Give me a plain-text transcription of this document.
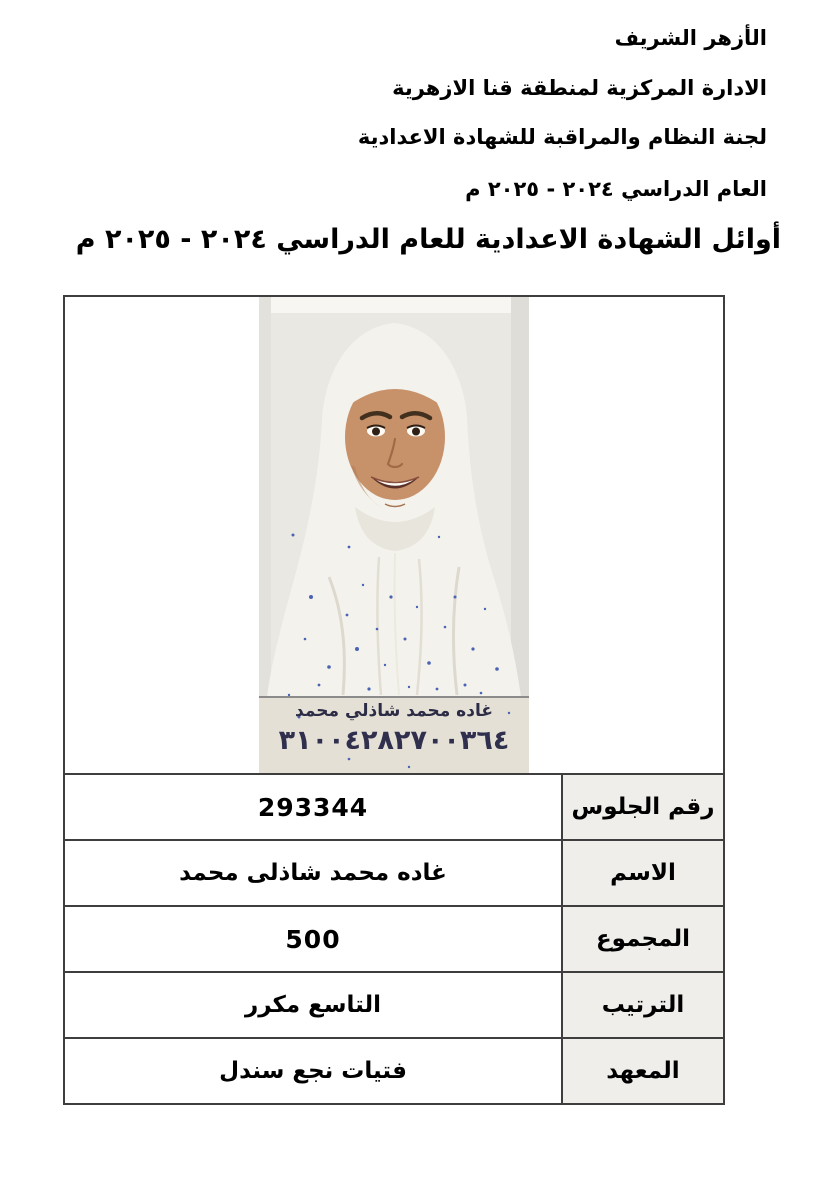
الأزهر الشريف
الادارة المركزية لمنطقة قنا الازهرية
لجنة النظام والمراقبة للشهادة الاعدادية
العام الدراسي ٢٠٢٤ - ٢٠٢٥ م
أوائل الشهادة الاعدادية للعام الدراسي ٢٠٢٤ - ٢٠٢٥ م
غاده محمد شاذلي محمد
٣١٠٠٤٢٨٢٧٠٠٣٦٤
293344	رقم الجلوس
غاده محمد شاذلى محمد	الاسم
500	المجموع
التاسع مكرر	الترتيب
فتيات نجع سندل	المعهد
